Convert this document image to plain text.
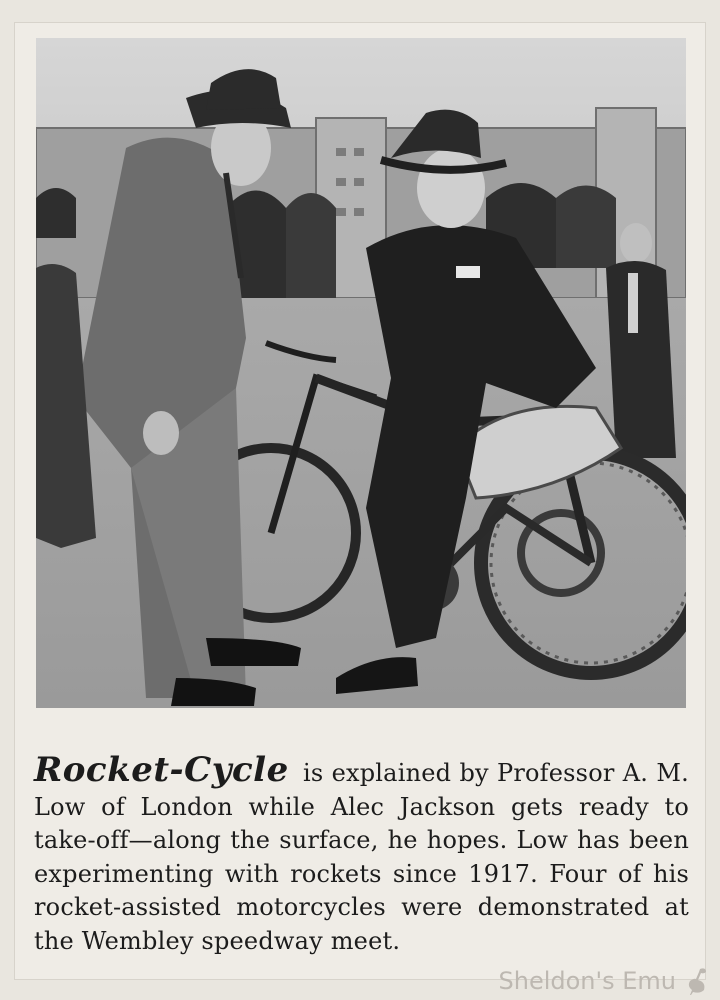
Rocket-Cycle is explained by Professor A. M. Low of London while Alec Jackson gets ready to take-off—along the surface, he hopes. Low has been experimenting with rockets since 1917. Four of his rocket-assisted motorcycles were demonstrated at the Wembley speedway meet.

Sheldon's Emu
